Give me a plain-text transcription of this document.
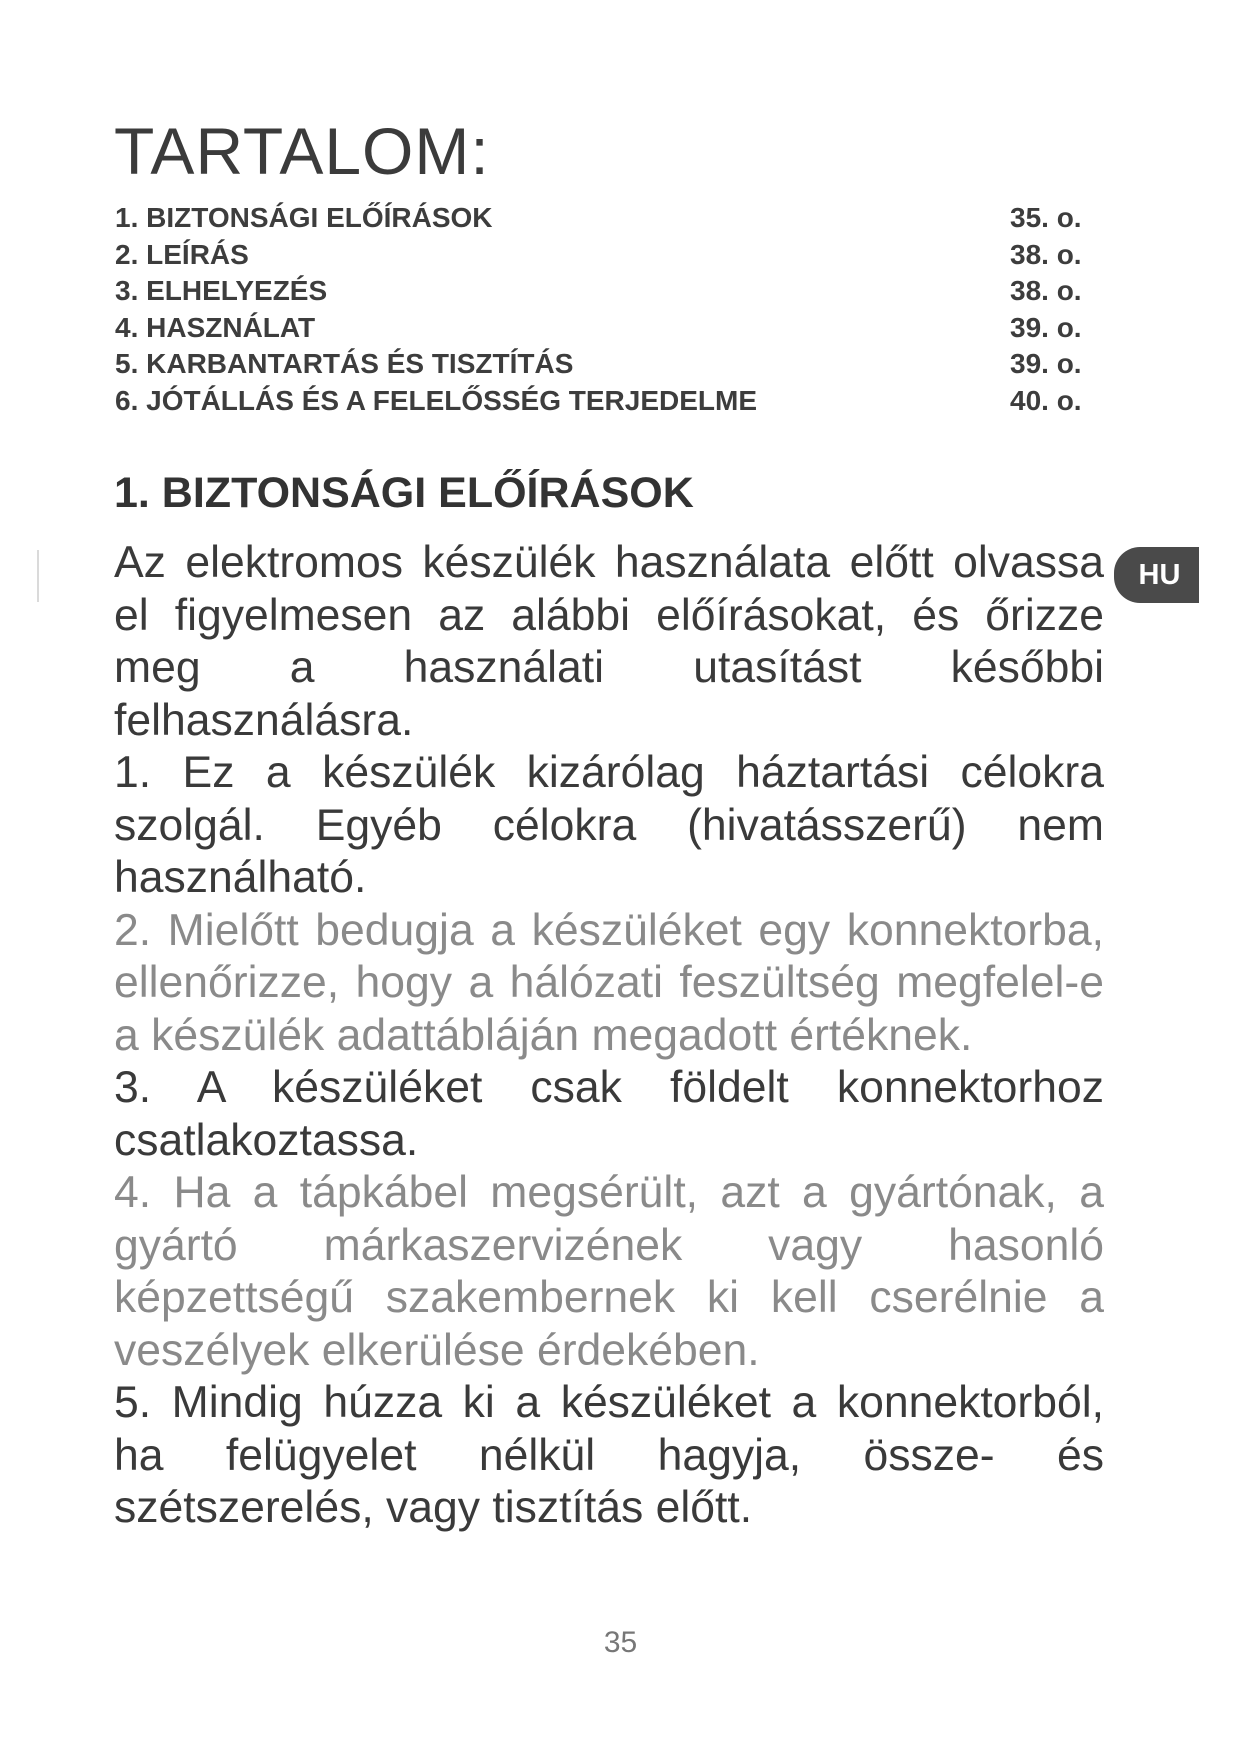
TARTALOM:
1. BIZTONSÁGI ELŐÍRÁSOK	35. o.
2. LEÍRÁS	38. o.
3. ELHELYEZÉS	38. o.
4. HASZNÁLAT	39. o.
5. KARBANTARTÁS ÉS TISZTÍTÁS	39. o.
6. JÓTÁLLÁS ÉS A FELELŐSSÉG TERJEDELME	40. o.
1. BIZTONSÁGI ELŐÍRÁSOK
HU

Az elektromos készülék használata előtt olvassa el figyelmesen az alábbi előírásokat, és őrizze meg a használati utasítást későbbi felhasználásra.

1. Ez a készülék kizárólag háztartási célokra szolgál. Egyéb célokra (hivatásszerű) nem használható.

2. Mielőtt bedugja a készüléket egy konnektorba, ellenőrizze, hogy a hálózati feszültség megfelel-e a készülék adattábláján megadott értéknek.

3. A készüléket csak földelt konnektorhoz csatlakoztassa.

4. Ha a tápkábel megsérült, azt a gyártónak, a gyártó márkaszervizének vagy hasonló képzettségű szakembernek ki kell cserélnie a veszélyek elkerülése érdekében.

5. Mindig húzza ki a készüléket a konnektorból, ha felügyelet nélkül hagyja, össze- és szétszerelés, vagy tisztítás előtt.

35
